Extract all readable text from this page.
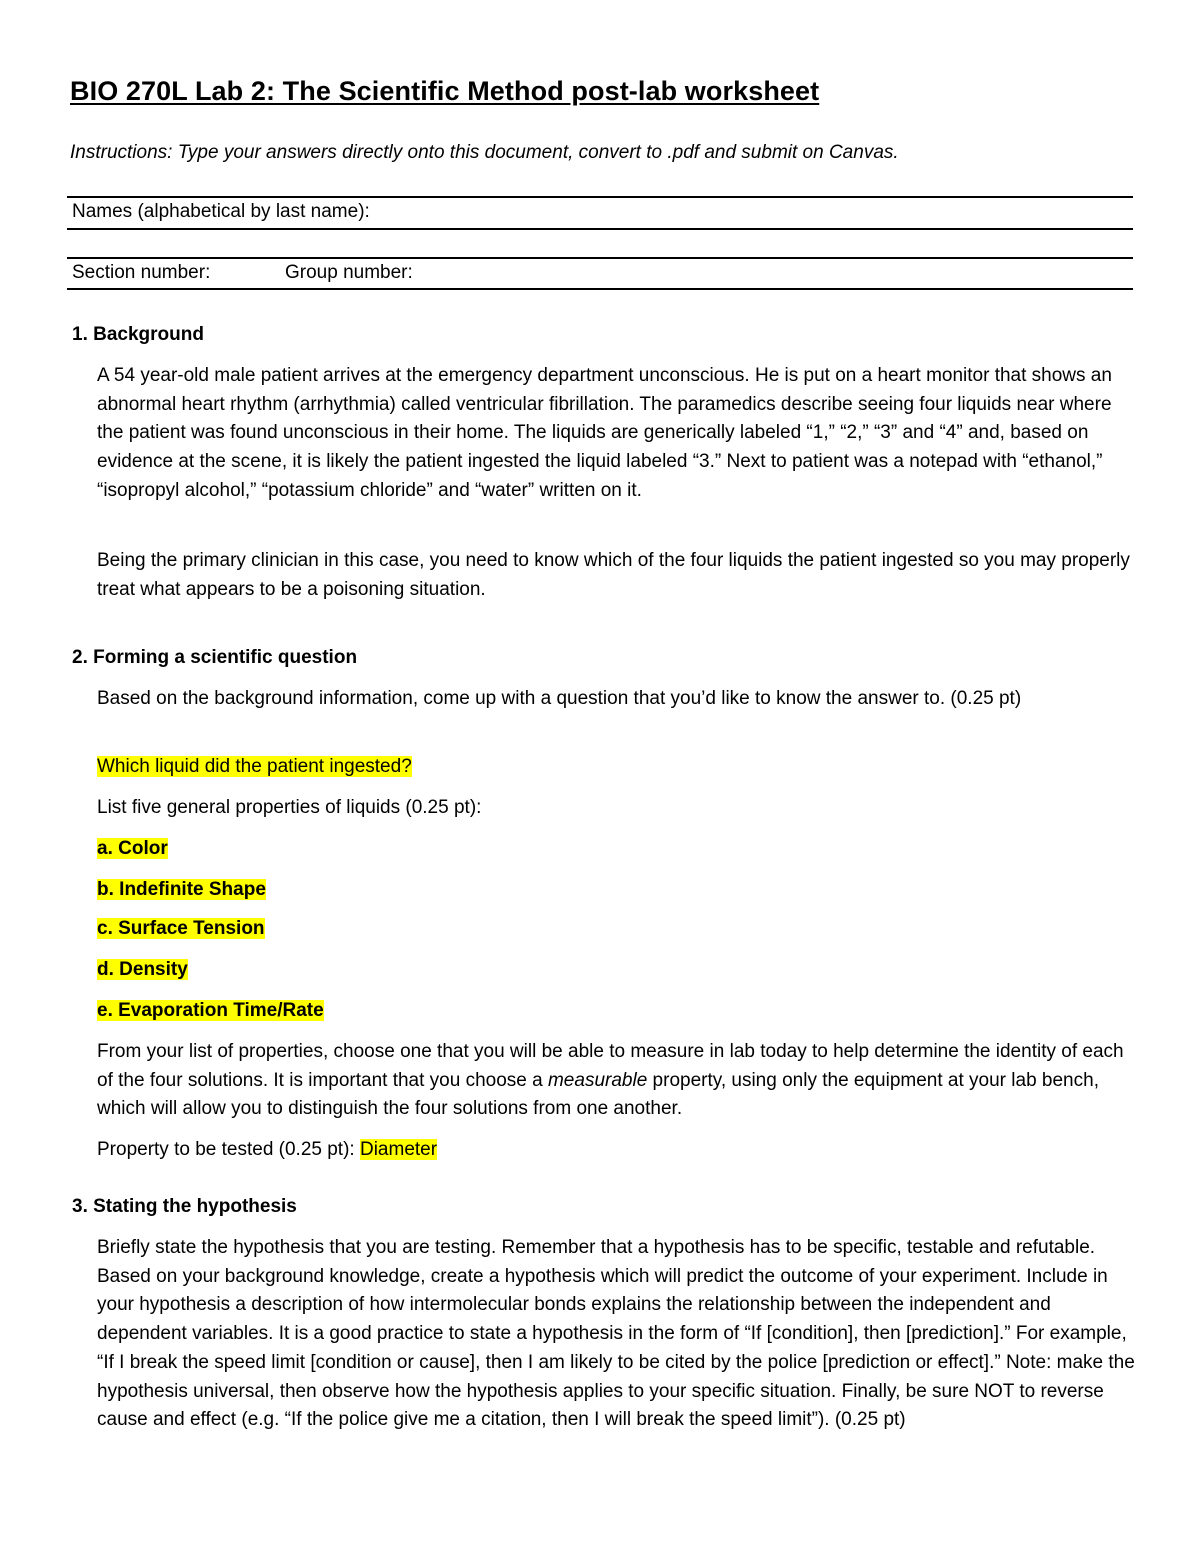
BIO 270L Lab 2: The Scientific Method post-lab worksheet
Instructions: Type your answers directly onto this document, convert to .pdf and submit on Canvas.
Names (alphabetical by last name):
Section number:	Group number:
1. Background

A 54 year-old male patient arrives at the emergency department unconscious. He is put on a heart monitor that shows an abnormal heart rhythm (arrhythmia) called ventricular fibrillation. The paramedics describe seeing four liquids near where the patient was found unconscious in their home. The liquids are generically labeled “1,” “2,” “3” and “4” and, based on evidence at the scene, it is likely the patient ingested the liquid labeled “3.” Next to patient was a notepad with “ethanol,” “isopropyl alcohol,” “potassium chloride” and “water” written on it.

Being the primary clinician in this case, you need to know which of the four liquids the patient ingested so you may properly treat what appears to be a poisoning situation.

2. Forming a scientific question

Based on the background information, come up with a question that you’d like to know the answer to. (0.25 pt)

Which liquid did the patient ingested?
List five general properties of liquids (0.25 pt):
a. Color
b. Indefinite Shape
c. Surface Tension
d. Density
e. Evaporation Time/Rate

From your list of properties, choose one that you will be able to measure in lab today to help determine the identity of each of the four solutions. It is important that you choose a measurable property, using only the equipment at your lab bench, which will allow you to distinguish the four solutions from one another.

Property to be tested (0.25 pt): Diameter
3. Stating the hypothesis

Briefly state the hypothesis that you are testing. Remember that a hypothesis has to be specific, testable and refutable. Based on your background knowledge, create a hypothesis which will predict the outcome of your experiment. Include in your hypothesis a description of how intermolecular bonds explains the relationship between the independent and dependent variables. It is a good practice to state a hypothesis in the form of “If [condition], then [prediction].” For example, “If I break the speed limit [condition or cause], then I am likely to be cited by the police [prediction or effect].” Note: make the hypothesis universal, then observe how the hypothesis applies to your specific situation. Finally, be sure NOT to reverse cause and effect (e.g. “If the police give me a citation, then I will break the speed limit”). (0.25 pt)
